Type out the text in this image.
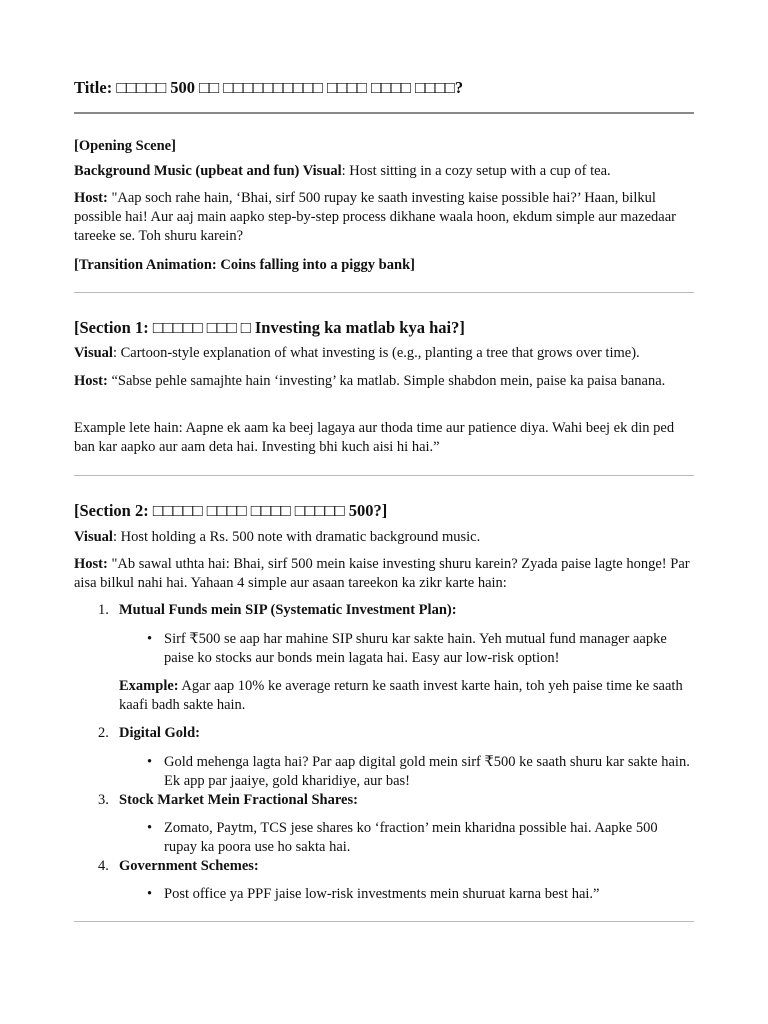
Title: □□□□□ 500 □□ □□□□□□□□□□ □□□□ □□□□ □□□□?

[Opening Scene]

Background Music (upbeat and fun) Visual: Host sitting in a cozy setup with a cup of tea.

Host: "Aap soch rahe hain, ‘Bhai, sirf 500 rupay ke saath investing kaise possible hai?’ Haan, bilkul possible hai! Aur aaj main aapko step-by-step process dikhane waala hoon, ekdum simple aur mazedaar tareeke se. Toh shuru karein?

[Transition Animation: Coins falling into a piggy bank]

[Section 1: □□□□□ □□□ □ Investing ka matlab kya hai?]

Visual: Cartoon-style explanation of what investing is (e.g., planting a tree that grows over time).

Host: “Sabse pehle samajhte hain ‘investing’ ka matlab. Simple shabdon mein, paise ka paisa banana.

Example lete hain: Aapne ek aam ka beej lagaya aur thoda time aur patience diya. Wahi beej ek din ped ban kar aapko aur aam deta hai. Investing bhi kuch aisi hi hai.”

[Section 2: □□□□□ □□□□ □□□□ □□□□□ 500?]

Visual: Host holding a Rs. 500 note with dramatic background music.

Host: "Ab sawal uthta hai: Bhai, sirf 500 mein kaise investing shuru karein? Zyada paise lagte honge! Par aisa bilkul nahi hai. Yahaan 4 simple aur asaan tareekon ka zikr karte hain:

1. Mutual Funds mein SIP (Systematic Investment Plan):
• Sirf ₹500 se aap har mahine SIP shuru kar sakte hain. Yeh mutual fund manager aapke paise ko stocks aur bonds mein lagata hai. Easy aur low-risk option!

Example: Agar aap 10% ke average return ke saath invest karte hain, toh yeh paise time ke saath kaafi badh sakte hain.

2. Digital Gold:
• Gold mehenga lagta hai? Par aap digital gold mein sirf ₹500 ke saath shuru kar sakte hain. Ek app par jaaiye, gold kharidiye, aur bas!
3. Stock Market Mein Fractional Shares:
• Zomato, Paytm, TCS jese shares ko ‘fraction’ mein kharidna possible hai. Aapke 500 rupay ka poora use ho sakta hai.
4. Government Schemes:
• Post office ya PPF jaise low-risk investments mein shuruat karna best hai.”
